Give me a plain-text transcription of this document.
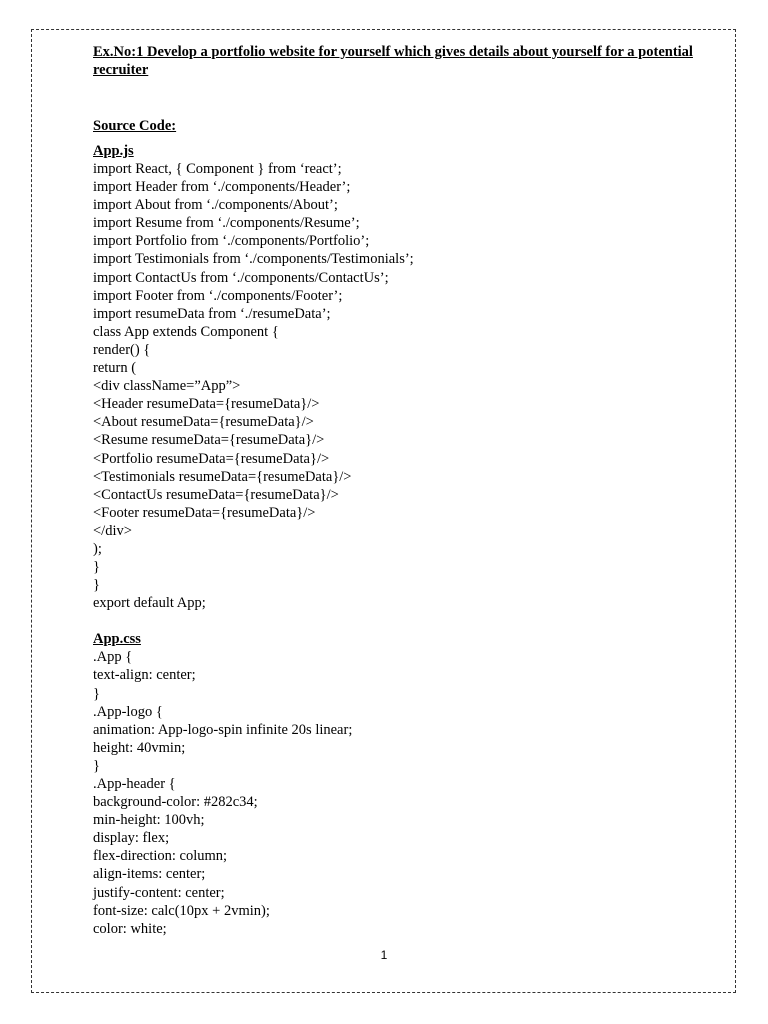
Ex.No:1 Develop a portfolio website for yourself which gives details about yourself for a potential recruiter
Source Code:
App.js
import React, { Component } from ‘react’;
import Header from ‘./components/Header’;
import About from ‘./components/About’;
import Resume from ‘./components/Resume’;
import Portfolio from ‘./components/Portfolio’;
import Testimonials from ‘./components/Testimonials’;
import ContactUs from ‘./components/ContactUs’;
import Footer from ‘./components/Footer’;
import resumeData from ‘./resumeData’;
class App extends Component {
render() {
return (
<div className=”App”>
<Header resumeData={resumeData}/>
<About resumeData={resumeData}/>
<Resume resumeData={resumeData}/>
<Portfolio resumeData={resumeData}/>
<Testimonials resumeData={resumeData}/>
<ContactUs resumeData={resumeData}/>
<Footer resumeData={resumeData}/>
</div>
);
}
}
export default App;
App.css
.App {
text-align: center;
}
.App-logo {
animation: App-logo-spin infinite 20s linear;
height: 40vmin;
}
.App-header {
background-color: #282c34;
min-height: 100vh;
display: flex;
flex-direction: column;
align-items: center;
justify-content: center;
font-size: calc(10px + 2vmin);
color: white;
1
